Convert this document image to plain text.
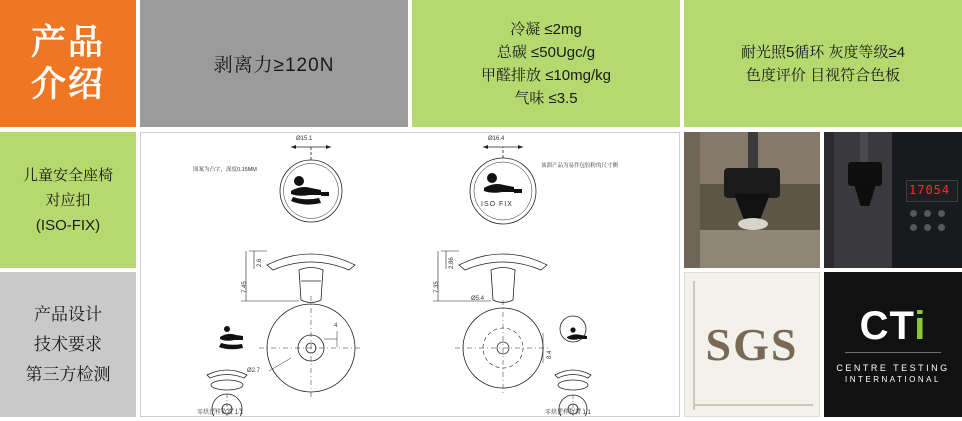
产品
介绍	剥离力≥120N
冷凝 ≤2mg
总碳 ≤50Ugc/g
甲醛排放 ≤10mg/kg
气味 ≤3.5
耐光照5循环 灰度等级≥4
色度评价 目视符合色板
儿童安全座椅
对应扣
(ISO-FIX)
产品设计
技术要求
第三方检测
图案为凸字，深度0.15MM
该溜产品为易件包胶粉的尺寸侧
Ø15.1	Ø16.4
2.6
7.45
2.86
7.35
8.4
4
Ø2.7
Ø5.4
ISO FIX
零烘比样位置 1:1	零烘比样位置 1:1
17054
SGS CTi
CENTRE TESTING
INTERNATIONAL
